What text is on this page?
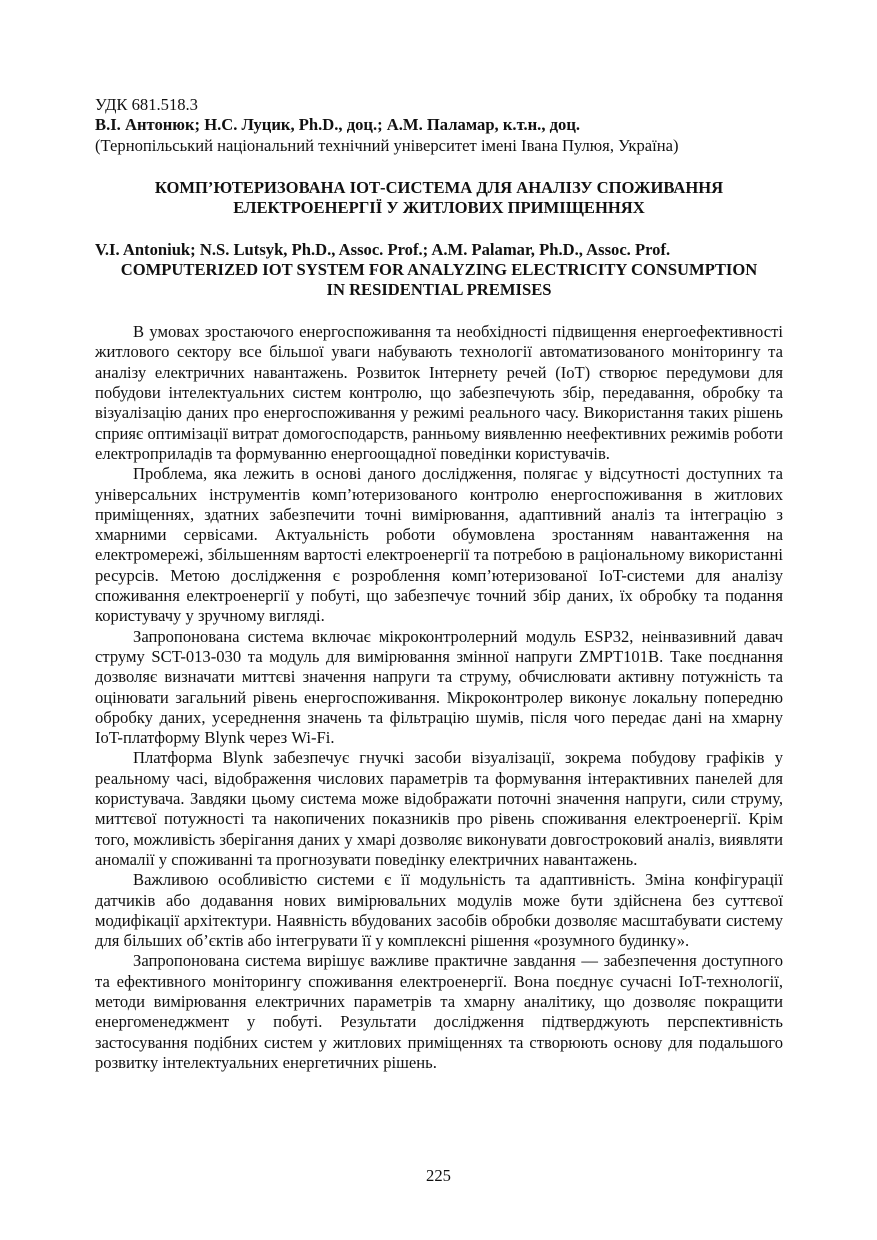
УДК 681.518.3

В.І. Антонюк; Н.С. Луцик, Ph.D., доц.; А.М. Паламар, к.т.н., доц.

(Тернопільський національний технічний університет імені Івана Пулюя, Україна)

КОМП’ЮТЕРИЗОВАНА ІОТ-СИСТЕМА ДЛЯ АНАЛІЗУ СПОЖИВАННЯ
ЕЛЕКТРОЕНЕРГІЇ У ЖИТЛОВИХ ПРИМІЩЕННЯХ

V.I. Antoniuk; N.S. Lutsyk, Ph.D., Assoc. Prof.; A.M. Palamar, Ph.D., Assoc. Prof.

COMPUTERIZED IOT SYSTEM FOR ANALYZING ELECTRICITY CONSUMPTION
IN RESIDENTIAL PREMISES

В умовах зростаючого енергоспоживання та необхідності підвищення енергоефективності житлового сектору все більшої уваги набувають технології автоматизованого моніторингу та аналізу електричних навантажень. Розвиток Інтернету речей (IoT) створює передумови для побудови інтелектуальних систем контролю, що забезпечують збір, передавання, обробку та візуалізацію даних про енергоспоживання у режимі реального часу. Використання таких рішень сприяє оптимізації витрат домогосподарств, ранньому виявленню неефективних режимів роботи електроприладів та формуванню енергоощадної поведінки користувачів.

Проблема, яка лежить в основі даного дослідження, полягає у відсутності доступних та універсальних інструментів комп’ютеризованого контролю енергоспоживання в житлових приміщеннях, здатних забезпечити точні вимірювання, адаптивний аналіз та інтеграцію з хмарними сервісами. Актуальність роботи обумовлена зростанням навантаження на електромережі, збільшенням вартості електроенергії та потребою в раціональному використанні ресурсів. Метою дослідження є розроблення комп’ютеризованої IoT-системи для аналізу споживання електроенергії у побуті, що забезпечує точний збір даних, їх обробку та подання користувачу у зручному вигляді.

Запропонована система включає мікроконтролерний модуль ESP32, неінвазивний давач струму SCT-013-030 та модуль для вимірювання змінної напруги ZMPT101B. Таке поєднання дозволяє визначати миттєві значення напруги та струму, обчислювати активну потужність та оцінювати загальний рівень енергоспоживання. Мікроконтролер виконує локальну попередню обробку даних, усереднення значень та фільтрацію шумів, після чого передає дані на хмарну IoT-платформу Blynk через Wi-Fi.

Платформа Blynk забезпечує гнучкі засоби візуалізації, зокрема побудову графіків у реальному часі, відображення числових параметрів та формування інтерактивних панелей для користувача. Завдяки цьому система може відображати поточні значення напруги, сили струму, миттєвої потужності та накопичених показників про рівень споживання електроенергії. Крім того, можливість зберігання даних у хмарі дозволяє виконувати довгостроковий аналіз, виявляти аномалії у споживанні та прогнозувати поведінку електричних навантажень.

Важливою особливістю системи є її модульність та адаптивність. Зміна конфігурації датчиків або додавання нових вимірювальних модулів може бути здійснена без суттєвої модифікації архітектури. Наявність вбудованих засобів обробки дозволяє масштабувати систему для більших об’єктів або інтегрувати її у комплексні рішення «розумного будинку».

Запропонована система вирішує важливе практичне завдання — забезпечення доступного та ефективного моніторингу споживання електроенергії. Вона поєднує сучасні IoT-технології, методи вимірювання електричних параметрів та хмарну аналітику, що дозволяє покращити енергоменеджмент у побуті. Результати дослідження підтверджують перспективність застосування подібних систем у житлових приміщеннях та створюють основу для подальшого розвитку інтелектуальних енергетичних рішень.

225
